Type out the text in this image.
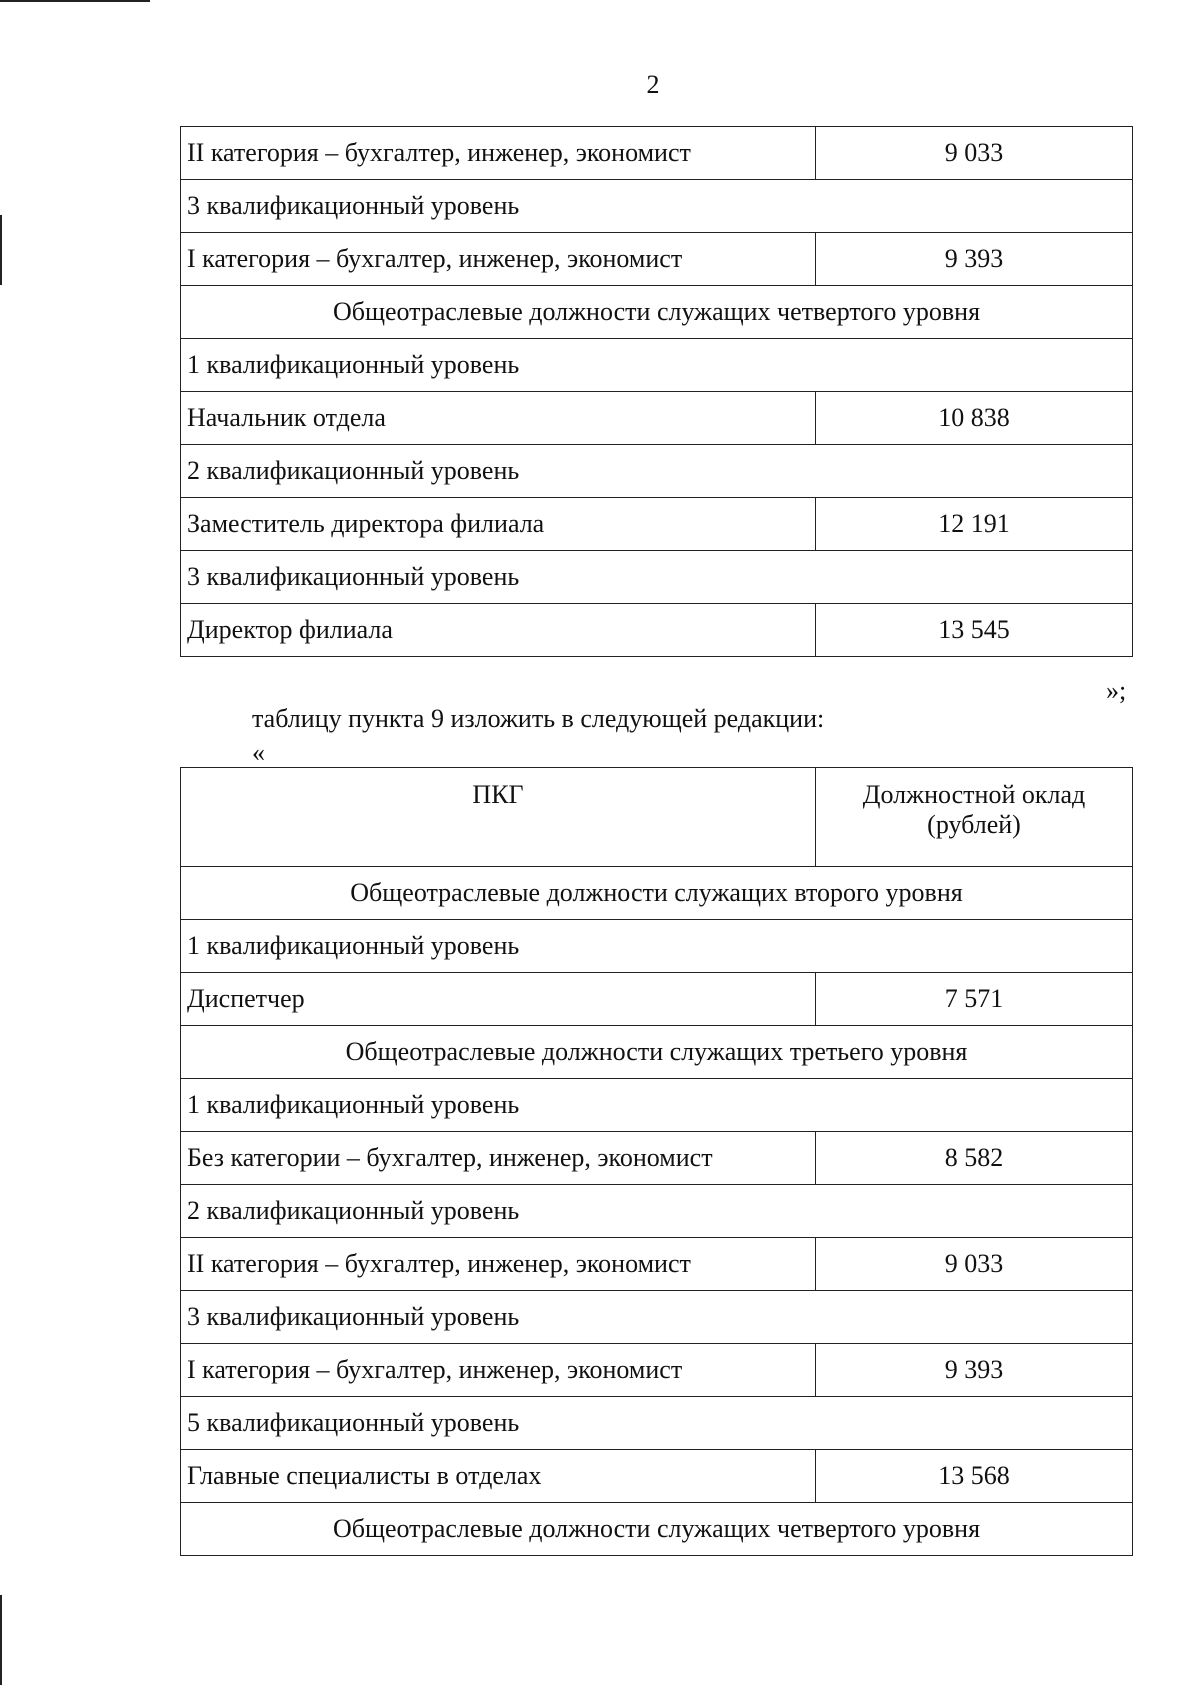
2
II категория – бухгалтер, инженер, экономист	9 033
3 квалификационный уровень	
I категория – бухгалтер, инженер, экономист	9 393
Общеотраслевые должности служащих четвертого уровня	
1 квалификационный уровень	
Начальник отдела	10 838
2 квалификационный уровень	
Заместитель директора филиала	12 191
3 квалификационный уровень	
Директор филиала	13 545
»;
таблицу пункта 9 изложить в следующей редакции:
«
ПКГ	Должностной оклад
(рублей)

Общеотраслевые должности служащих второго уровня	
1 квалификационный уровень	
Диспетчер	7 571
Общеотраслевые должности служащих третьего уровня	
1 квалификационный уровень	
Без категории – бухгалтер, инженер, экономист	8 582
2 квалификационный уровень	
II категория – бухгалтер, инженер, экономист	9 033
3 квалификационный уровень	
I категория – бухгалтер, инженер, экономист	9 393
5 квалификационный уровень	
Главные специалисты в отделах	13 568
Общеотраслевые должности служащих четвертого уровня	
